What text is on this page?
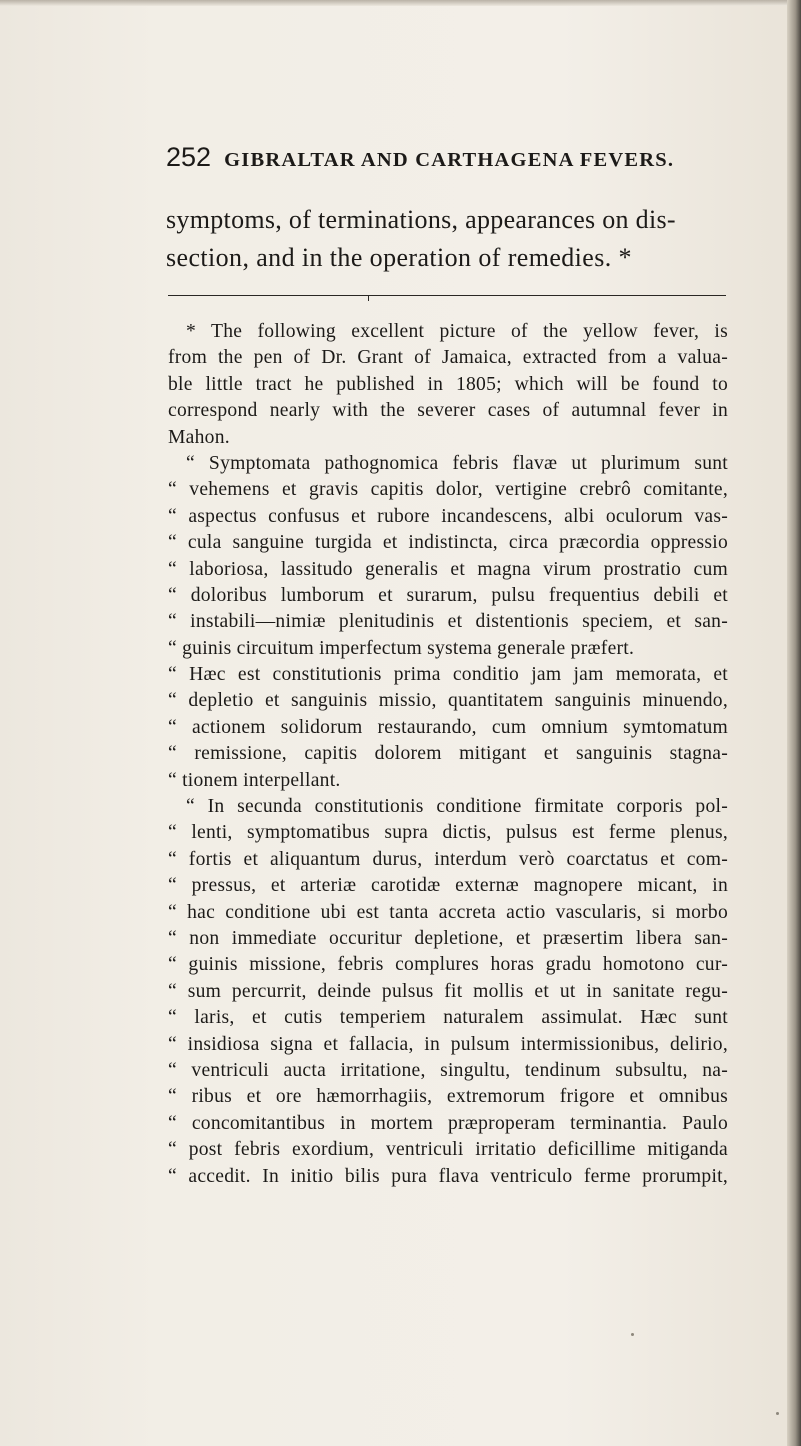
252 GIBRALTAR AND CARTHAGENA FEVERS.
symptoms, of terminations, appearances on dis-
section, and in the operation of remedies. *
* The following excellent picture of the yellow fever, is
from the pen of Dr. Grant of Jamaica, extracted from a valua-
ble little tract he published in 1805; which will be found to
correspond nearly with the severer cases of autumnal fever in
Mahon.
“ Symptomata pathognomica febris flavæ ut plurimum sunt
“ vehemens et gravis capitis dolor, vertigine crebrô comitante,
“ aspectus confusus et rubore incandescens, albi oculorum vas-
“ cula sanguine turgida et indistincta, circa præcordia oppressio
“ laboriosa, lassitudo generalis et magna virum prostratio cum
“ doloribus lumborum et surarum, pulsu frequentius debili et
“ instabili—nimiæ plenitudinis et distentionis speciem, et san-
“ guinis circuitum imperfectum systema generale præfert.
“ Hæc est constitutionis prima conditio jam jam memorata, et
“ depletio et sanguinis missio, quantitatem sanguinis minuendo,
“ actionem solidorum restaurando, cum omnium symtomatum
“ remissione, capitis dolorem mitigant et sanguinis stagna-
“ tionem interpellant.
“ In secunda constitutionis conditione firmitate corporis pol-
“ lenti, symptomatibus supra dictis, pulsus est ferme plenus,
“ fortis et aliquantum durus, interdum verò coarctatus et com-
“ pressus, et arteriæ carotidæ externæ magnopere micant, in
“ hac conditione ubi est tanta accreta actio vascularis, si morbo
“ non immediate occuritur depletione, et præsertim libera san-
“ guinis missione, febris complures horas gradu homotono cur-
“ sum percurrit, deinde pulsus fit mollis et ut in sanitate regu-
“ laris, et cutis temperiem naturalem assimulat. Hæc sunt
“ insidiosa signa et fallacia, in pulsum intermissionibus, delirio,
“ ventriculi aucta irritatione, singultu, tendinum subsultu, na-
“ ribus et ore hæmorrhagiis, extremorum frigore et omnibus
“ concomitantibus in mortem præproperam terminantia. Paulo
“ post febris exordium, ventriculi irritatio deficillime mitiganda
“ accedit. In initio bilis pura flava ventriculo ferme prorumpit,
